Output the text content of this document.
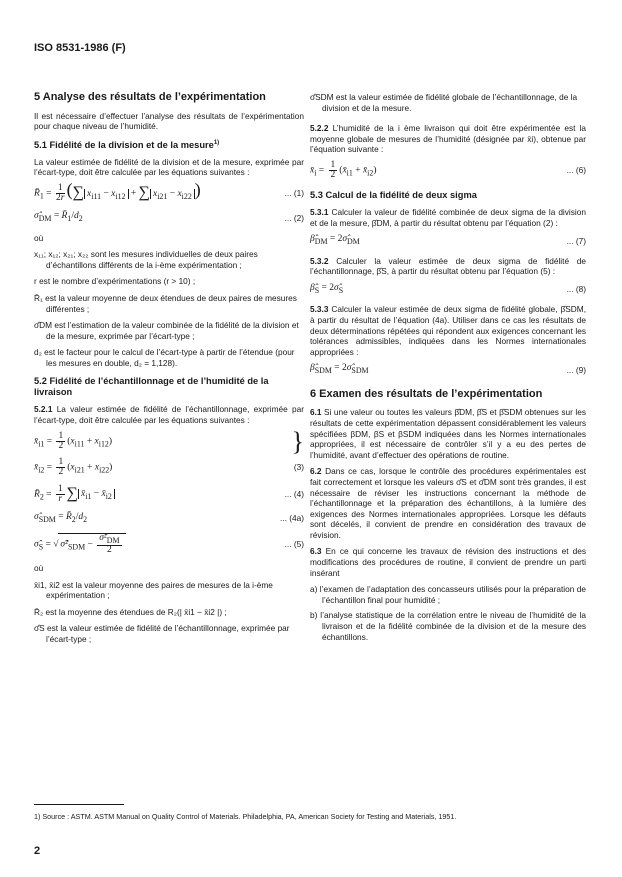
ISO 8531-1986 (F)
5 Analyse des résultats de l’expérimentation

Il est nécessaire d’effectuer l’analyse des résultats de l’expérimentation pour chaque niveau de l’humidité.

5.1 Fidélité de la division et de la mesure$^{1)}$

La valeur estimée de fidélité de la division et de la mesure, exprimée par l’écart-type, doit être calculée par les équations suivantes :

$R̄_1 = \frac{1}{2r}$ (∑ $x_{i11} - x_{i12}$ + ∑ $x_{i21} - x_{i22}$ )	... (1)
$\sigmâ_{DM}$ = $R̄_1/d_2$	... (2)
où
x₁₁; x₁₂; x₂₁; x₂₂ sont les mesures individuelles de deux paires d’échantillons différents de la i-ème expérimentation ;
r est le nombre d’expérimentations (r > 10) ;
R̄₁ est la valeur moyenne de deux étendues de deux paires de mesures différentes ;
σ̂DM est l’estimation de la valeur combinée de la fidélité de la division et de la mesure, exprimée par l’écart-type ;
d₂ est le facteur pour le calcul de l’écart-type à partir de l’étendue (pour les mesures en double, d₂ = 1,128).
5.2 Fidélité de l’échantillonnage et de l’humidité de la livraison

5.2.1 La valeur estimée de fidélité de l’échantillonnage, exprimée par l’écart-type, doit être calculée par les équations suivantes :

$x̄_{i1} = \frac{1}{2} (x_{i11} + x_{i12})$	}
$x̄_{i2} = \frac{1}{2} (x_{i21} + x_{i22})$	(3)
$R̄_2 = \frac{1}{r}$ ∑ $x̄_{i1}$ − $x̄_{i2}$	... (4)
$\sigmâ_{SDM}$ = $R̄_2/d_2$	... (4a)
$\sigmâ_S$ = √ $\sigmâ^2_{SDM} - \frac{\sigmâ^2_{DM}}{2}$	... (5)
où
x̄i1, x̄i2 est la valeur moyenne des paires de mesures de la i-ème expérimentation ;
R̄₂ est la moyenne des étendues de R₂(| x̄i1 − x̄i2 |) ;
σ̂S est la valeur estimée de fidélité de l’échantillonnage, exprimée par l’écart-type ;
σ̂SDM est la valeur estimée de fidélité globale de l’échantillonnage, de la division et de la mesure.

5.2.2 L’humidité de la i ème livraison qui doit être expérimentée est la moyenne globale de mesures de l’humidité (désignée par x̄i), obtenue par l’équation suivante :

$x̄_i = \frac{1}{2}$ ($x̄_{i1}$ + $x̄_{i2}$)	... (6)
5.3 Calcul de la fidélité de deux sigma

5.3.1 Calculer la valeur de fidélité combinée de deux sigma de la division et de la mesure, β̂DM, à partir du résultat obtenu par l’équation (2) :

$\betâ_{DM}$ = $2\sigmâ_{DM}$	... (7)

5.3.2 Calculer la valeur estimée de deux sigma de fidélité de l’échantillonnage, β̂S, à partir du résultat obtenu par l’équation (5) :

$\betâ_S$ = $2\sigmâ_S$	... (8)

5.3.3 Calculer la valeur estimée de deux sigma de fidélité globale, β̂SDM, à partir du résultat de l’équation (4a). Utiliser dans ce cas les résultats de deux déterminations répétées qui répondent aux exigences concernant les tolérances admissibles, indiquées dans les Normes internationales appropriées :

$\betâ_{SDM}$ = $2\sigmâ_{SDM}$	... (9)
6 Examen des résultats de l’expérimentation

6.1 Si une valeur ou toutes les valeurs β̂DM, β̂S et β̂SDM obtenues sur les résultats de cette expérimentation dépassent considérablement les valeurs spécifiées βDM, βS et βSDM indiquées dans les Normes internationales appropriées, il est nécessaire de contrôler s’il y a eu des pertes de l’humidité, avant d’effectuer des opérations de routine.

6.2 Dans ce cas, lorsque le contrôle des procédures expérimentales est fait correctement et lorsque les valeurs σ̂S et σ̂DM sont très grandes, il est nécessaire de réviser les instructions concernant la méthode de l’échantillonnage et la préparation des échantillons, à la lumière des exigences des Normes internationales appropriées. Lorsque les défauts sont décelés, il convient de prendre en considération des travaux de révision.

6.3 En ce qui concerne les travaux de révision des instructions et des modifications des procédures de routine, il convient de prendre un parti insérant

a) l’examen de l’adaptation des concasseurs utilisés pour la préparation de l’échantillon final pour humidité ;
b) l’analyse statistique de la corrélation entre le niveau de l’humidité de la livraison et de la fidélité combinée de la division et de la mesure des échantillons.
1) Source : ASTM. ASTM Manual on Quality Control of Materials. Philadelphia, PA, American Society for Testing and Materials, 1951.
2
